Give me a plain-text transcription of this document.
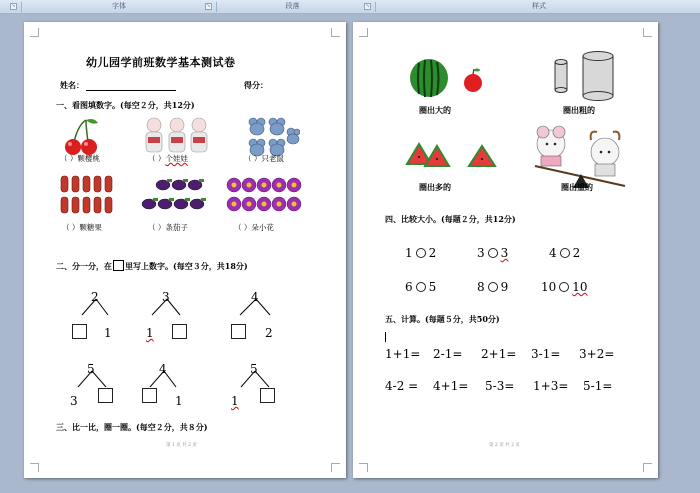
↘	字体	↘	段落	↘	样式
幼儿园学前班数学基本测试卷
姓名：	得分：
一、看图填数字。(每空２分，共12分)
（ ）颗樱桃	（ ）个娃娃	（ ）只老鼠
（ ）颗糖果	（ ）条茄子	（ ）朵小花
二、分一分，在 里写上数字。(每空３分，共18分)
2
1
3
1
4
2
5
3
4
1
5
1
三、比一比，圈一圈。(每空２分，共８分)
第 1 页 共 2 页
圈出大的	圈出粗的
圈出多的	圈出重的
四、比较大小。(每题２分，共12分)
1 2	3 3	4 2
6 5	8 9	10 10
五、计算。(每题５分，共50分)
1+1= 2-1= 2+1= 3-1= 3+2=
4-2 = 4+1= 5-3= 1+3= 5-1=
第 2 页 共 2 页
